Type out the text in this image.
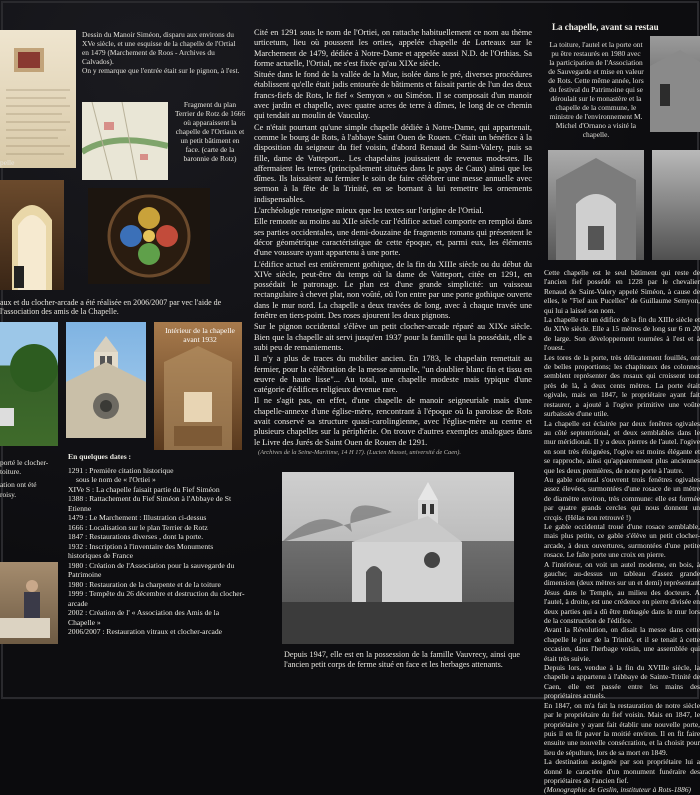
Dessin du Manoir Siméon, disparu aux environs du XVe siècle, et une esquisse de la chapelle de l'Ortial en 1479 (Marchement de Roos - Archives du Calvados).
On y remarque que l'entrée était sur le pignon, à l'est.
Fragment du plan Terrier de Rotz de 1666 où apparaissent la chapelle de l'Ortiaux et un petit bâtiment en face. (carte de la baronnie de Rotz)
pelle
aux et du clocher-arcade a été réalisée en 2006/2007 par vec l'aide de l'association des amis de la Chapelle.
Intérieur de la chapelle avant 1932
porté le clocher-toiture.
ation ont été
roisy.
En quelques dates :
1291 : Première citation historique
sous le nom de « l'Ortiei »
XIVe S : La chapelle faisait partie du Fief Siméon
1388 : Rattachement du Fief Siméon à l'Abbaye de St Etienne
1479 : Le Marchement : Illustration ci-dessus
1666 : Localisation sur le plan Terrier de Rotz
1847 : Restaurations diverses , dont la porte.
1932 : Inscription à l'inventaire des Monuments historiques de France
1980 : Création de l'Association pour la sauvegarde du Patrimoine
1980 : Restauration de la charpente et de la toiture
1999 : Tempête du 26 décembre et destruction du clocher-arcade
2002 : Création de l' « Association des Amis de la Chapelle »
2006/2007 : Restauration vitraux et clocher-arcade

Cité en 1291 sous le nom de l'Ortiei, on rattache habituellement ce nom au thème urticetum, lieu où poussent les orties, appelée chapelle de Lorteaux sur le Marchement de 1479, dédiée à Notre-Dame et appelée aussi N.D. de l'Orthias. Sa forme actuelle, l'Ortial, ne s'est fixée qu'au XIXe siècle.

Située dans le fond de la vallée de la Mue, isolée dans le pré, diverses procédures établissent qu'elle était jadis entourée de bâtiments et faisait partie de l'un des deux francs-fiefs de Rots, le fief « Semyon » ou Siméon. Il se composait d'un manoir avec jardin et chapelle, avec quatre acres de terre à dîmes, le long de ce chemin qui tendait au moulin de Vauculay.

Ce n'était pourtant qu'une simple chapelle dédiée à Notre-Dame, qui appartenait, comme le bourg de Rots, à l'abbaye Saint Ouen de Rouen. C'était un bénéfice à la disposition du seigneur du fief voisin, d'abord Renaud de Saint-Valery, puis sa fille, dame de Vatteport... Les chapelains jouissaient de revenus modestes. Ils affermaient les terres (principalement situées dans le pays de Caux) ainsi que les dîmes. Ils laissaient au fermier le soin de faire célébrer une messe annuelle avec sermon à la fête de la Trinité, en se bornant à lui remettre les ornements indispensables.

L'archéologie renseigne mieux que les textes sur l'origine de l'Ortial.

Elle remonte au moins au XIIe siècle car l'édifice actuel comporte en remploi dans ses parties occidentales, une demi-douzaine de fragments romans qui présentent le décor géométrique caractéristique de cette époque, et, parmi eux, les éléments d'une voussure ayant appartenu à une porte.

L'édifice actuel est entièrement gothique, de la fin du XIIIe siècle ou du début du XIVe siècle, peut-être du temps où la dame de Vatteport, citée en 1291, en possédait le patronage. Le plan est d'une grande simplicité: un vaisseau rectangulaire à chevet plat, non voûté, où l'on entre par une porte gothique ouverte dans le mur nord. La chapelle a deux travées de long, avec à chaque travée une fenêtre en tiers-point. Des roses ajourent les deux pignons.

Sur le pignon occidental s'élève un petit clocher-arcade réparé au XIXe siècle. Bien que la chapelle ait servi jusqu'en 1937 pour la famille qui la possédait, elle a subi peu de remaniements.

Il n'y a plus de traces du mobilier ancien. En 1783, le chapelain remettait au fermier, pour la célébration de la messe annuelle, "un doublier blanc fin et tissu en œuvre de haute lisse"... Au total, une chapelle modeste mais typique d'une catégorie d'édifices religieux devenue rare.

Il ne s'agit pas, en effet, d'une chapelle de manoir seigneuriale mais d'une chapelle-annexe d'une église-mère, rencontrant à l'époque où la paroisse de Rots avait conservé sa structure quasi-carolingienne, avec l'église-mère au centre et plusieurs chapelles sur la périphérie. On trouve d'autres exemples analogues dans le Livre des Jurés de Saint Ouen de Rouen de 1291.

(Archives de la Seine-Maritime, 14 H 17). (Lucien Musset, université de Caen).
Depuis 1947, elle est en la possession de la famille Vauvrecy, ainsi que l'ancien petit corps de ferme situé en face et les herbages attenants.
La chapelle, avant sa restau
La toiture, l'autel et la porte ont pu être restaurés en 1980 avec la participation de l'Association de Sauvegarde et mise en valeur de Rots. Cette même année, lors du festival du Patrimoine qui se déroulait sur le monastère et la chapelle de la commune, le ministre de l'environnement M. Michel d'Ornano a visité la chapelle.
Cette chapelle est le seul bâtiment qui reste de l'ancien fief possédé en 1228 par le chevalier Renaud de Saint-Valery appelé Siméon, à cause de elles, le "Fief aux Pucelles" de Guillaume Semyon, qui lui a laissé son nom.
La chapelle est un édifice de la fin du XIIIe siècle et du XIVe siècle. Elle a 15 mètres de long sur 6 m 20 de large. Son développement tournées à l'est et à l'ouest.
Les tores de la porte, très délicatement fouillés, ont de belles proportions; les chapiteaux des colonnes semblent représenter des rosaux qui croissent tout près de là, à deux cents mètres. La porte était ogivale, mais en 1847, le propriétaire ayant fait restaurer, a ajouté à l'ogive primitive une voûte surbaissée d'une utile.
La chapelle est éclairée par deux fenêtres ogivales au côté septentrional, et deux semblables dans le mur méridional. Il y a deux pierres de l'autel. l'ogive en sont très éloignées, l'ogive est moins élégante et se rapproche, ainsi qu'apparemment plus anciennes que les deux premières, de notre porte à l'autre.
Au gable oriental s'ouvrent trois fenêtres ogivales assez élevées, surmontées d'une rosace de un mètre de diamètre environ, très commune: elle est formée par quatre grands cercles qui nous donnent un crcqis. (Hélas non retrouvé !)
Le gable occidental troué d'une rosace semblable, mais plus petite, ce gable s'élève un petit clocher-arcade, à deux ouvertures, surmontées d'une petite rosace. Le faîte porte une croix en pierre.
A l'intérieur, on voit un autel moderne, en bois, à gauche; au-dessus un tableau d'assez grande dimension (deux mètres sur un et demi) représentant Jésus dans le Temple, au milieu des docteurs. A l'autel, à droite, est une crédence en pierre divisée en deux parties qui a dû être ménagée dans le mur lors de la construction de l'édifice.
Avant la Révolution, on disait la messe dans cette chapelle le jour de la Trinité, et il se tenait à cette occasion, dans l'herbage voisin, une assemblée qui était très suivie.
Depuis lors, vendue à la fin du XVIIIe siècle, la chapelle a appartenu à l'abbaye de Sainte-Trinité de Caen, elle est passée entre les mains des propriétaires actuels.
En 1847, on m'a fait la restauration de notre siècle par le propriétaire du fief voisin. Mais en 1847, le propriétaire y ayant fait établir une nouvelle porte, puis il en fit paver la moitié environ. Il en fit faire ensuite une nouvelle consécration, et la choisit pour lieu de sépulture, lors de sa mort en 1849.
La destination assignée par son propriétaire lui a donné le caractère d'un monument funéraire des propriétaires de l'ancien fief.
(Monographie de Geslin, instituteur à Rots-1886)
